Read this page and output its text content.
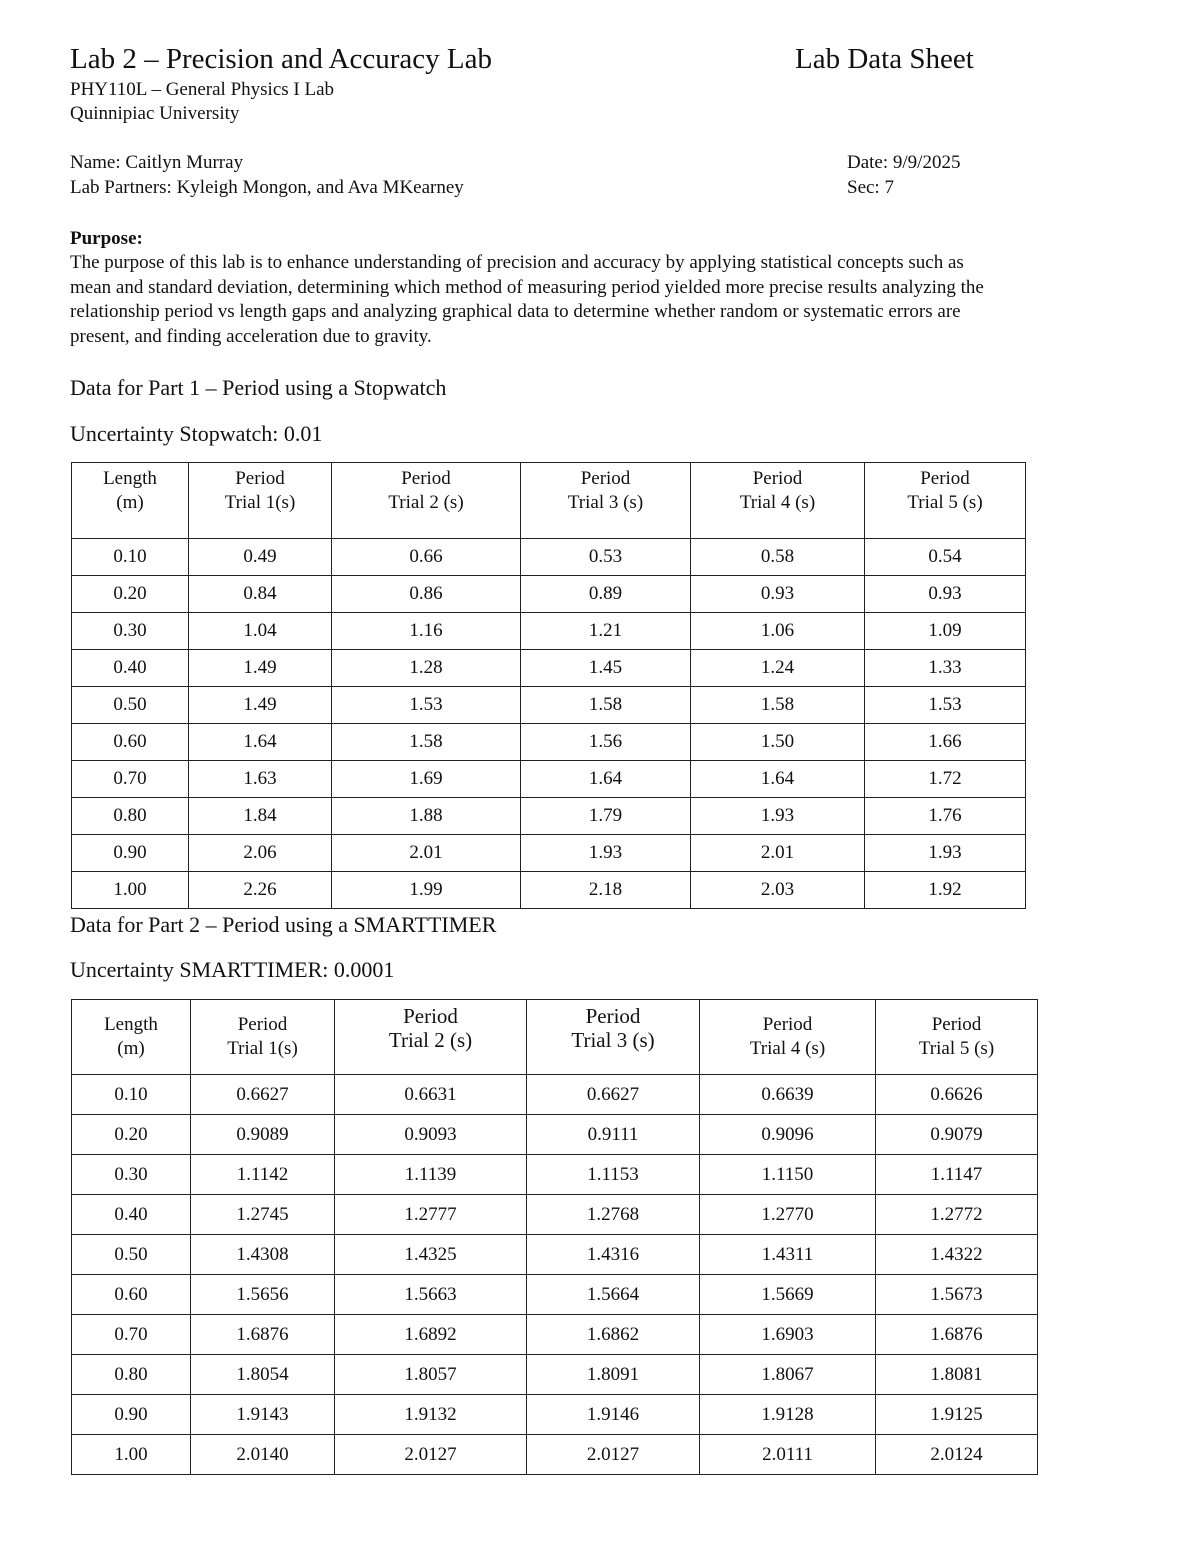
Lab 2 – Precision and Accuracy Lab	Lab Data Sheet
PHY110L – General Physics I Lab
Quinnipiac University
Name: Caitlyn Murray
Lab Partners: Kyleigh Mongon, and Ava MKearney
Date: 9/9/2025
Sec: 7
Purpose:
The purpose of this lab is to enhance understanding of precision and accuracy by applying statistical concepts such as
mean and standard deviation, determining which method of measuring period yielded more precise results analyzing the
relationship period vs length gaps and analyzing graphical data to determine whether random or systematic errors are
present, and finding acceleration due to gravity.
Data for Part 1 – Period using a Stopwatch
Uncertainty Stopwatch: 0.01
Length
(m)	Period
Trial 1(s)	Period
Trial 2 (s)	Period
Trial 3 (s)	Period
Trial 4 (s)	Period
Trial 5 (s)

0.10	0.49	0.66	0.53	0.58	0.54
0.20	0.84	0.86	0.89	0.93	0.93
0.30	1.04	1.16	1.21	1.06	1.09
0.40	1.49	1.28	1.45	1.24	1.33
0.50	1.49	1.53	1.58	1.58	1.53
0.60	1.64	1.58	1.56	1.50	1.66
0.70	1.63	1.69	1.64	1.64	1.72
0.80	1.84	1.88	1.79	1.93	1.76
0.90	2.06	2.01	1.93	2.01	1.93
1.00	2.26	1.99	2.18	2.03	1.92
Data for Part 2 – Period using a SMARTTIMER
Uncertainty SMARTTIMER: 0.0001
Length
(m)	Period
Trial 1(s)	Period
Trial 2 (s)	Period
Trial 3 (s)	Period
Trial 4 (s)	Period
Trial 5 (s)

0.10	0.6627	0.6631	0.6627	0.6639	0.6626
0.20	0.9089	0.9093	0.9111	0.9096	0.9079
0.30	1.1142	1.1139	1.1153	1.1150	1.1147
0.40	1.2745	1.2777	1.2768	1.2770	1.2772
0.50	1.4308	1.4325	1.4316	1.4311	1.4322
0.60	1.5656	1.5663	1.5664	1.5669	1.5673
0.70	1.6876	1.6892	1.6862	1.6903	1.6876
0.80	1.8054	1.8057	1.8091	1.8067	1.8081
0.90	1.9143	1.9132	1.9146	1.9128	1.9125
1.00	2.0140	2.0127	2.0127	2.0111	2.0124
